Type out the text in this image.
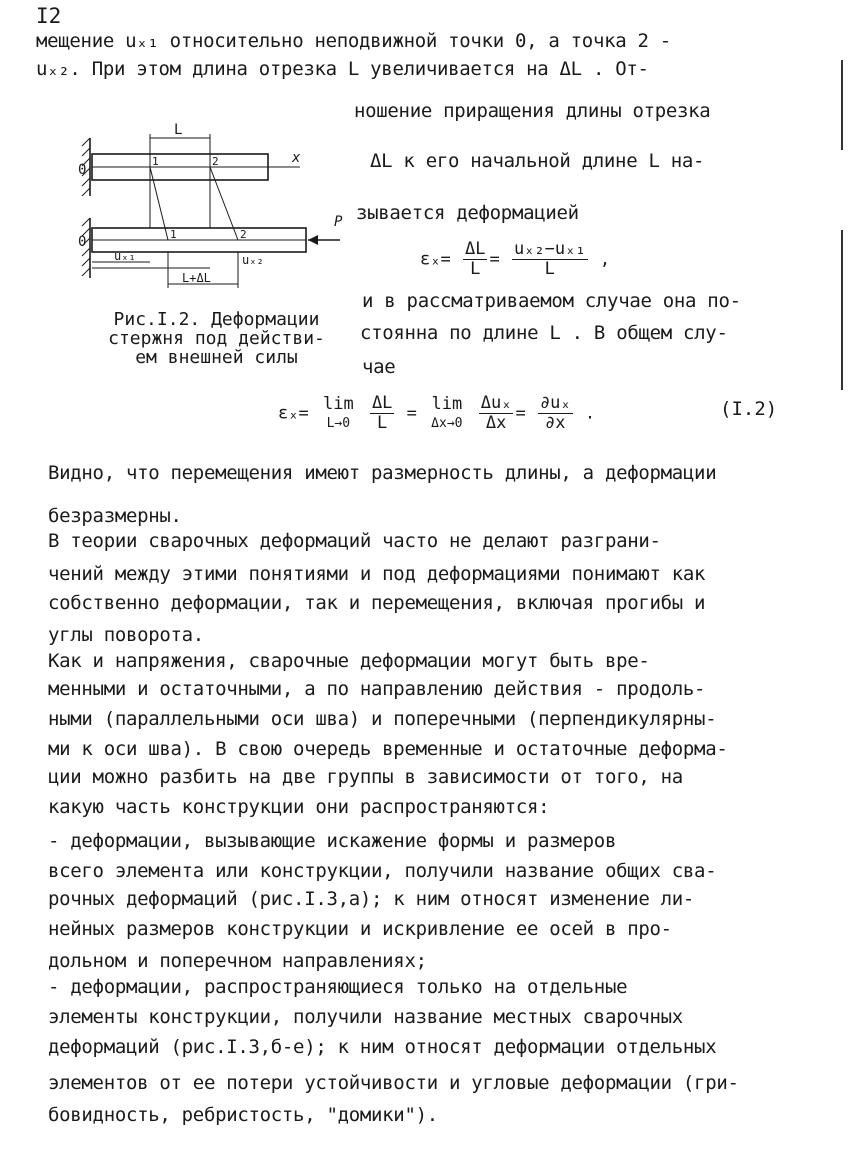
I2
мещение uₓ₁ относительно неподвижной точки 0, а точка 2 -
uₓ₂. При этом длина отрезка L увеличивается на ΔL . От-
ношение приращения длины отрезка
ΔL к его начальной длине L на-
зывается деформацией
$\varepsilon_x= \frac{\Delta L}{L} = \frac{\text{uₓ₂−uₓ₁}}{L}$ ,
и в рассматриваемом случае она по-
стоянна по длине L . В общем слу-
чае
L
x
P
0
0
1	2
1	2
uₓ₁	uₓ₂
L+ΔL
Рис.I.2. Деформации
стержня под действи-
ем внешней силы
εₓ= lim
L→0
	$\frac{\Delta L}{L} = \lim$
Δx→0
$\frac{\text{Δuₓ}}{\Delta x} = \frac{\text{∂uₓ}}{\partial x}$ .	(I.2)
Видно, что перемещения имеют размерность длины, а деформации
безразмерны.
В теории сварочных деформаций часто не делают разграни-
чений между этими понятиями и под деформациями понимают как
собственно деформации, так и перемещения, включая прогибы и
углы поворота.
Как и напряжения, сварочные деформации могут быть вре-
менными и остаточными, а по направлению действия - продоль-
ными (параллельными оси шва) и поперечными (перпендикулярны-
ми к оси шва). В свою очередь временные и остаточные деформа-
ции можно разбить на две группы в зависимости от того, на
какую часть конструкции они распространяются:
- деформации, вызывающие искажение формы и размеров
всего элемента или конструкции, получили название общих сва-
рочных деформаций (рис.I.3,а); к ним относят изменение ли-
нейных размеров конструкции и искривление ее осей в про-
дольном и поперечном направлениях;
- деформации, распространяющиеся только на отдельные
элементы конструкции, получили название местных сварочных
деформаций (рис.I.3,б-е); к ним относят деформации отдельных
элементов от ее потери устойчивости и угловые деформации (гри-
бовидность, ребристость, "домики").
